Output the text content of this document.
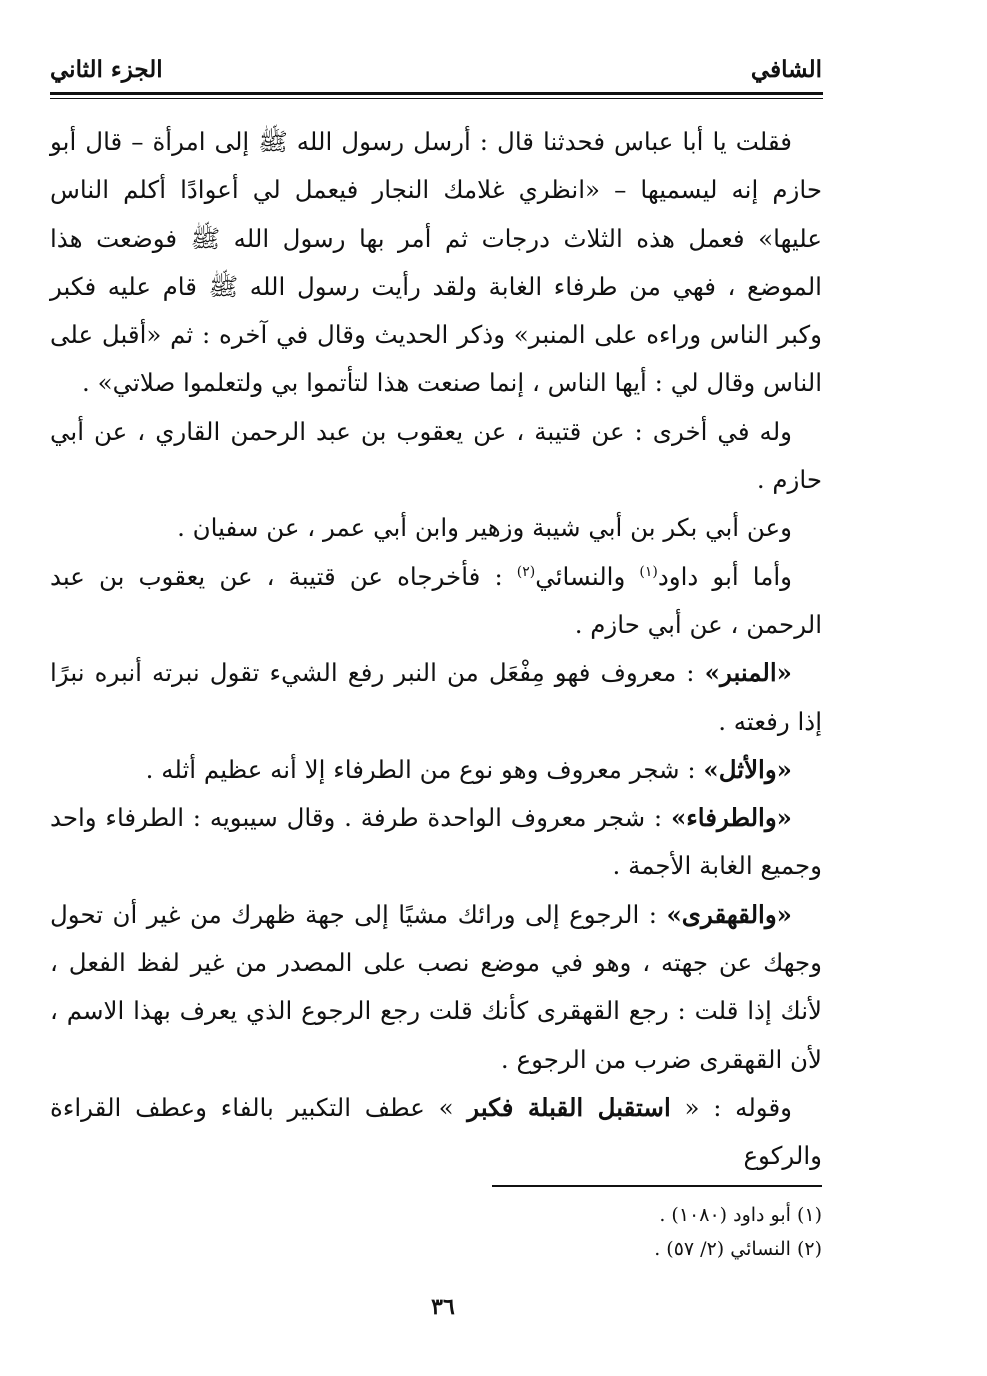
الشافي
الجزء الثاني

فقلت يا أبا عباس فحدثنا قال : أرسل رسول الله ﷺ إلى امرأة – قال أبو حازم إنه ليسميها – «انظري غلامك النجار فيعمل لي أعوادًا أكلم الناس عليها» فعمل هذه الثلاث درجات ثم أمر بها رسول الله ﷺ فوضعت هذا الموضع ، فهي من طرفاء الغابة ولقد رأيت رسول الله ﷺ قام عليه فكبر وكبر الناس وراءه على المنبر» وذكر الحديث وقال في آخره : ثم «أقبل على الناس وقال لي : أيها الناس ، إنما صنعت هذا لتأتموا بي ولتعلموا صلاتي» .

وله في أخرى : عن قتيبة ، عن يعقوب بن عبد الرحمن القاري ، عن أبي حازم .

وعن أبي بكر بن أبي شيبة وزهير وابن أبي عمر ، عن سفيان .

وأما أبو داود$^{(١)}$ والنسائي$^{(٢)}$ : فأخرجاه عن قتيبة ، عن يعقوب بن عبد الرحمن ، عن أبي حازم .

«المنبر» : معروف فهو مِفْعَل من النبر رفع الشيء تقول نبرته أنبره نبرًا إذا رفعته .

«والأثل» : شجر معروف وهو نوع من الطرفاء إلا أنه عظيم أثله .

«والطرفاء» : شجر معروف الواحدة طرفة . وقال سيبويه : الطرفاء واحد وجميع الغابة الأجمة .

«والقهقرى» : الرجوع إلى ورائك مشيًا إلى جهة ظهرك من غير أن تحول وجهك عن جهته ، وهو في موضع نصب على المصدر من غير لفظ الفعل ، لأنك إذا قلت : رجع القهقرى كأنك قلت رجع الرجوع الذي يعرف بهذا الاسم ، لأن القهقرى ضرب من الرجوع .

وقوله : « استقبل القبلة فكبر » عطف التكبير بالفاء وعطف القراءة والركوع

(١) أبو داود (١٠٨٠) .

(٢) النسائي (٢/ ٥٧) .

٣٦
